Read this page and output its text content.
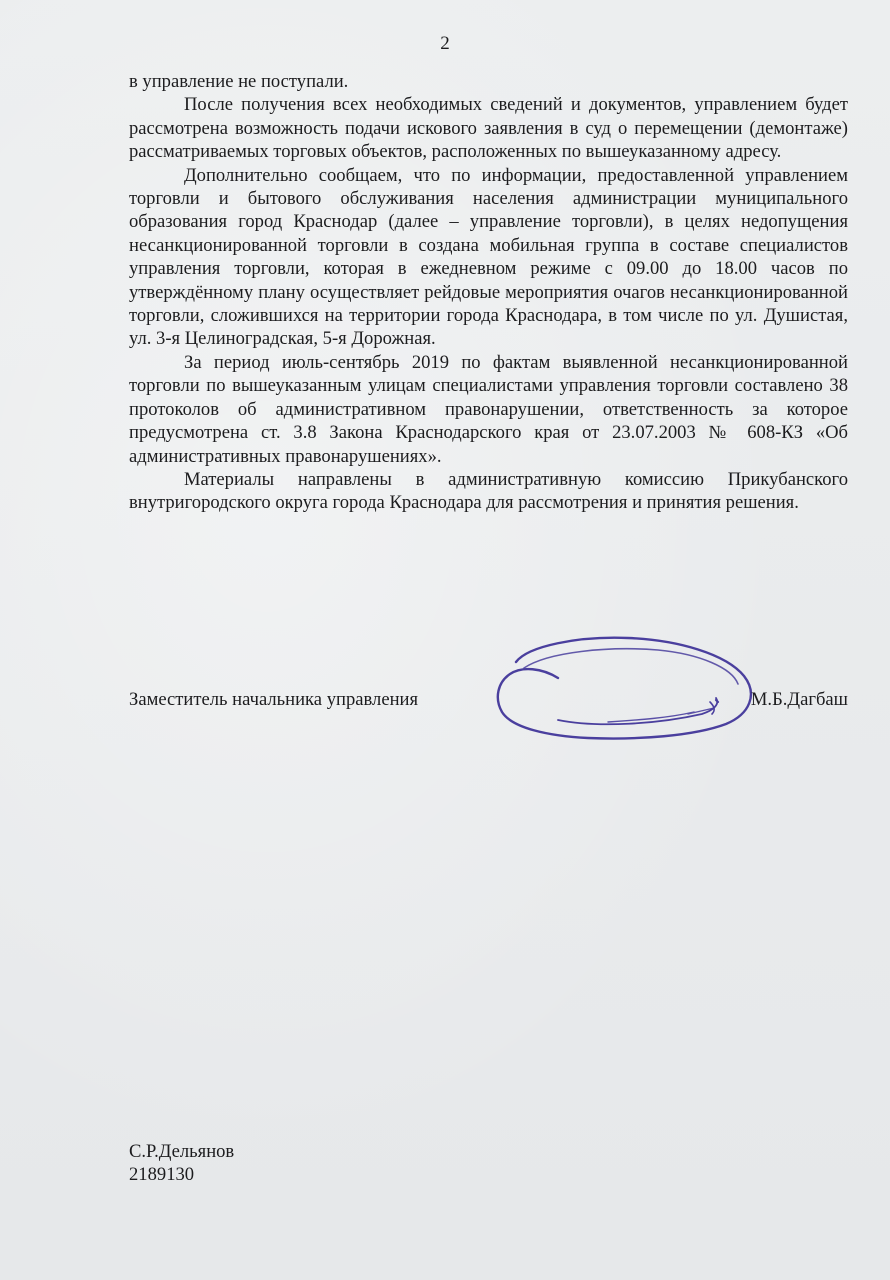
2

в управление не поступали.

После получения всех необходимых сведений и документов, управлением будет рассмотрена возможность подачи искового заявления в суд о перемещении (демонтаже) рассматриваемых торговых объектов, расположенных по вышеуказанному адресу.

Дополнительно сообщаем, что по информации, предоставленной управлением торговли и бытового обслуживания населения администрации муниципального образования город Краснодар (далее – управление торговли), в целях недопущения несанкционированной торговли в создана мобильная группа в составе специалистов управления торговли, которая в ежедневном режиме с 09.00 до 18.00 часов по утверждённому плану осуществляет рейдовые мероприятия очагов несанкционированной торговли, сложившихся на территории города Краснодара, в том числе по ул. Душистая, ул. 3-я Целиноградская, 5-я Дорожная.

За период июль-сентябрь 2019 по фактам выявленной несанкционированной торговли по вышеуказанным улицам специалистами управления торговли составлено 38 протоколов об административном правонарушении, ответственность за которое предусмотрена ст. 3.8 Закона Краснодарского края от 23.07.2003 № 608-КЗ «Об административных правонарушениях».

Материалы направлены в административную комиссию Прикубанского внутригородского округа города Краснодара для рассмотрения и принятия решения.

Заместитель начальника управления	М.Б.Дагбаш
С.Р.Дельянов
2189130
